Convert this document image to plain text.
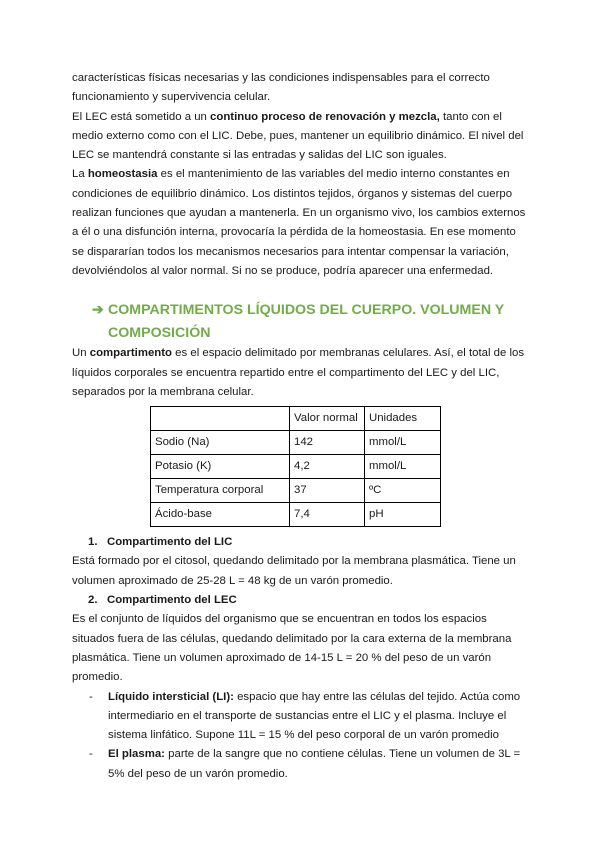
características físicas necesarias y las condiciones indispensables para el correcto funcionamiento y supervivencia celular.

El LEC está sometido a un continuo proceso de renovación y mezcla, tanto con el medio externo como con el LIC. Debe, pues, mantener un equilibrio dinámico. El nivel del LEC se mantendrá constante si las entradas y salidas del LIC son iguales.

La homeostasia es el mantenimiento de las variables del medio interno constantes en condiciones de equilibrio dinámico. Los distintos tejidos, órganos y sistemas del cuerpo realizan funciones que ayudan a mantenerla. En un organismo vivo, los cambios externos a él o una disfunción interna, provocaría la pérdida de la homeostasia. En ese momento se dispararían todos los mecanismos necesarios para intentar compensar la variación, devolviéndolos al valor normal. Si no se produce, podría aparecer una enfermedad.

➔ COMPARTIMENTOS LÍQUIDOS DEL CUERPO. VOLUMEN Y
COMPOSICIÓN

Un compartimento es el espacio delimitado por membranas celulares. Así, el total de los líquidos corporales se encuentra repartido entre el compartimento del LEC y del LIC, separados por la membrana celular.

	Valor normal	Unidades
Sodio (Na)	142	mmol/L
Potasio (K)	4,2	mmol/L
Temperatura corporal	37	ºC
Ácido-base	7,4	pH
1. Compartimento del LIC

Está formado por el citosol, quedando delimitado por la membrana plasmática. Tiene un volumen aproximado de 25-28 L = 48 kg de un varón promedio.

2. Compartimento del LEC

Es el conjunto de líquidos del organismo que se encuentran en todos los espacios situados fuera de las células, quedando delimitado por la cara externa de la membrana plasmática. Tiene un volumen aproximado de 14-15 L = 20 % del peso de un varón promedio.

- Líquido intersticial (LI): espacio que hay entre las células del tejido. Actúa como intermediario en el transporte de sustancias entre el LIC y el plasma. Incluye el sistema linfático. Supone 11L = 15 % del peso corporal de un varón promedio
- El plasma: parte de la sangre que no contiene células. Tiene un volumen de 3L = 5% del peso de un varón promedio.
